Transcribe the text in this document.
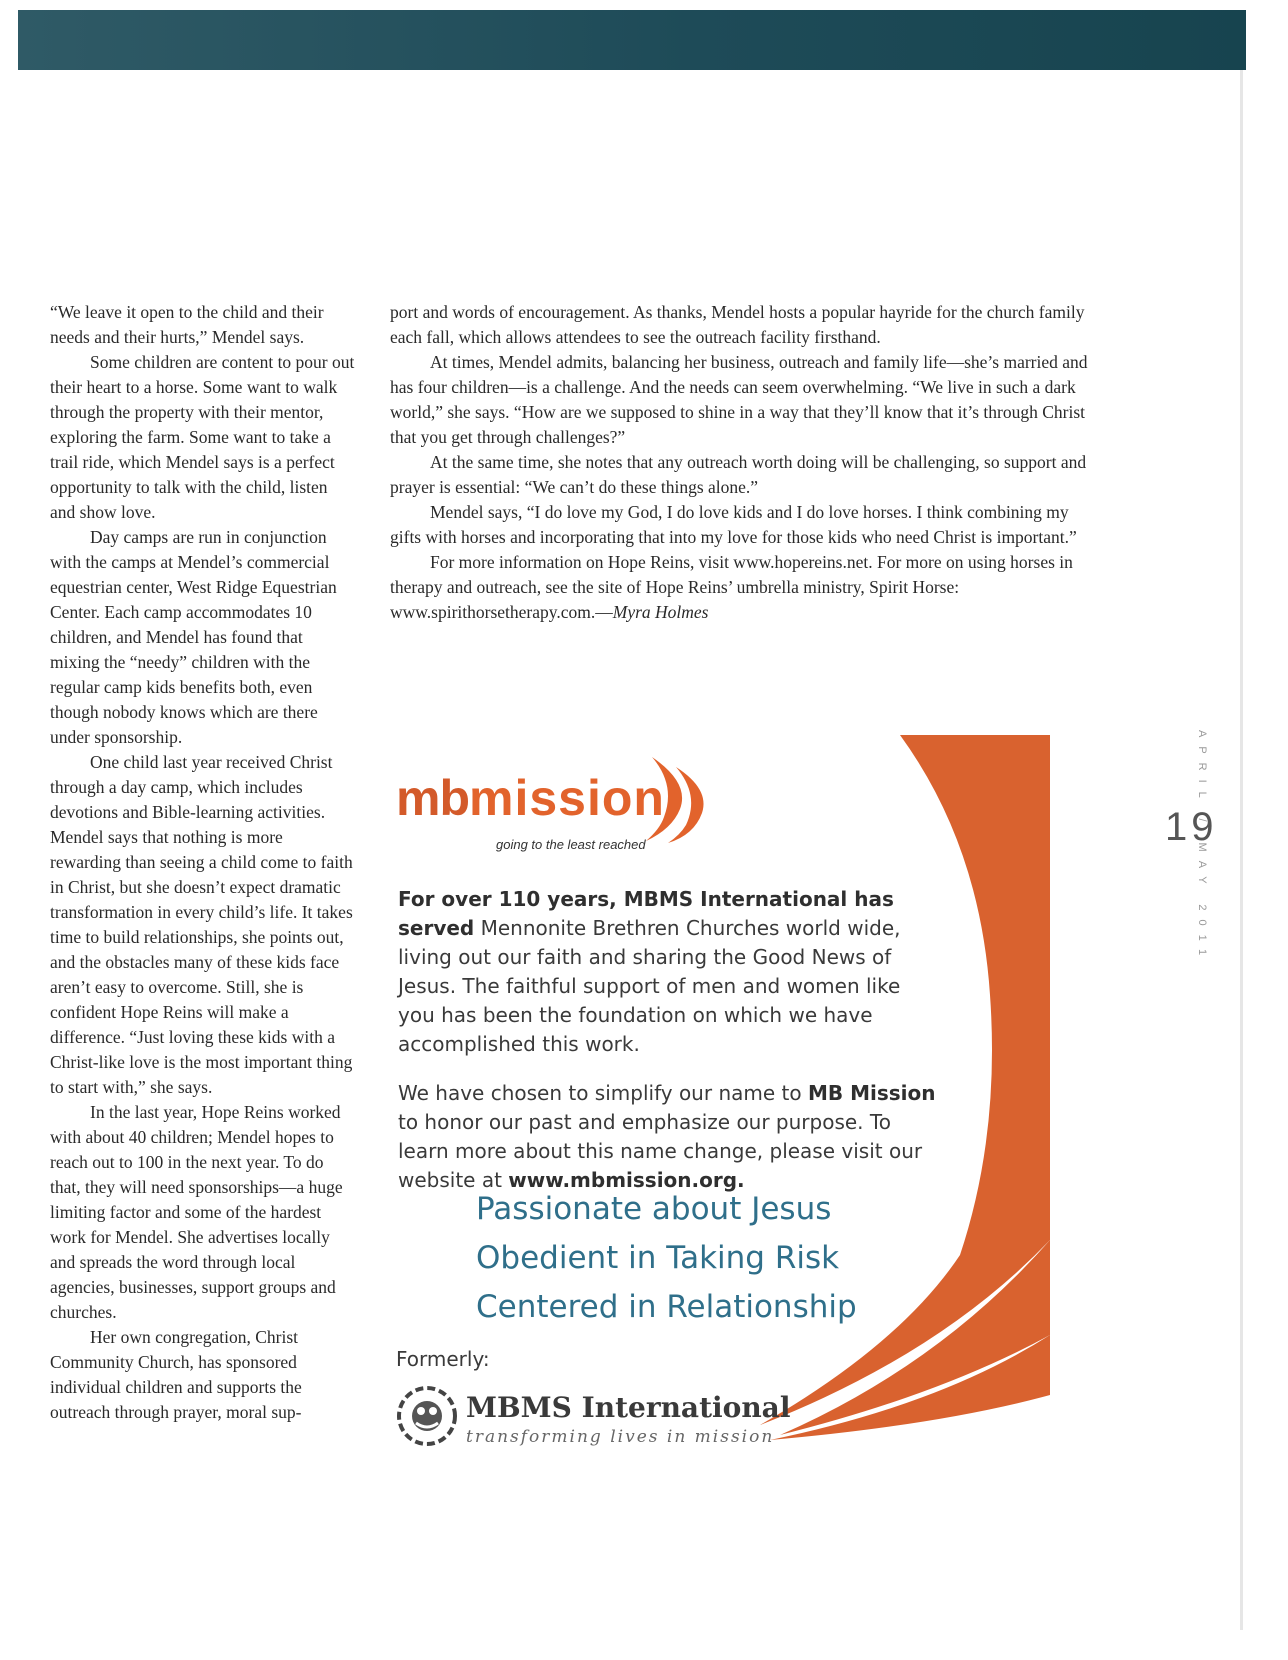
“We leave it open to the child and their needs and their hurts,” Mendel says.

Some children are content to pour out their heart to a horse. Some want to walk through the property with their mentor, exploring the farm. Some want to take a trail ride, which Mendel says is a perfect opportunity to talk with the child, listen and show love.

Day camps are run in conjunction with the camps at Mendel’s commercial equestrian center, West Ridge Equestrian Center. Each camp accommodates 10 children, and Mendel has found that mixing the “needy” children with the regular camp kids benefits both, even though nobody knows which are there under sponsorship.

One child last year received Christ through a day camp, which includes devotions and Bible-learning activities. Mendel says that nothing is more rewarding than seeing a child come to faith in Christ, but she doesn’t expect dramatic transformation in every child’s life. It takes time to build relationships, she points out, and the obstacles many of these kids face aren’t easy to overcome. Still, she is confident Hope Reins will make a difference. “Just loving these kids with a Christ-like love is the most important thing to start with,” she says.

In the last year, Hope Reins worked with about 40 children; Mendel hopes to reach out to 100 in the next year. To do that, they will need sponsorships—a huge limiting factor and some of the hardest work for Mendel. She advertises locally and spreads the word through local agencies, businesses, support groups and churches.

Her own congregation, Christ Community Church, has sponsored individual children and supports the outreach through prayer, moral sup-

port and words of encouragement. As thanks, Mendel hosts a popular hayride for the church family each fall, which allows attendees to see the outreach facility firsthand.

At times, Mendel admits, balancing her business, outreach and family life—she’s married and has four children—is a challenge. And the needs can seem overwhelming. “We live in such a dark world,” she says. “How are we supposed to shine in a way that they’ll know that it’s through Christ that you get through challenges?”

At the same time, she notes that any outreach worth doing will be challenging, so support and prayer is essential: “We can’t do these things alone.”

Mendel says, “I do love my God, I do love kids and I do love horses. I think combining my gifts with horses and incorporating that into my love for those kids who need Christ is important.”

For more information on Hope Reins, visit www.hopereins.net. For more on using horses in therapy and outreach, see the site of Hope Reins’ umbrella ministry, Spirit Horse: www.spirithorsetherapy.com.—Myra Holmes

19
APRIL / MAY 2011
mbmission
going to the least reached

For over 110 years, MBMS International has served Mennonite Brethren Churches world wide, living out our faith and sharing the Good News of Jesus. The faithful support of men and women like you has been the foundation on which we have accomplished this work.

We have chosen to simplify our name to MB Mission to honor our past and emphasize our purpose. To learn more about this name change, please visit our website at www.mbmission.org.

Passionate about Jesus
Obedient in Taking Risk
Centered in Relationship
Formerly:
MBMS International
transforming lives in mission
